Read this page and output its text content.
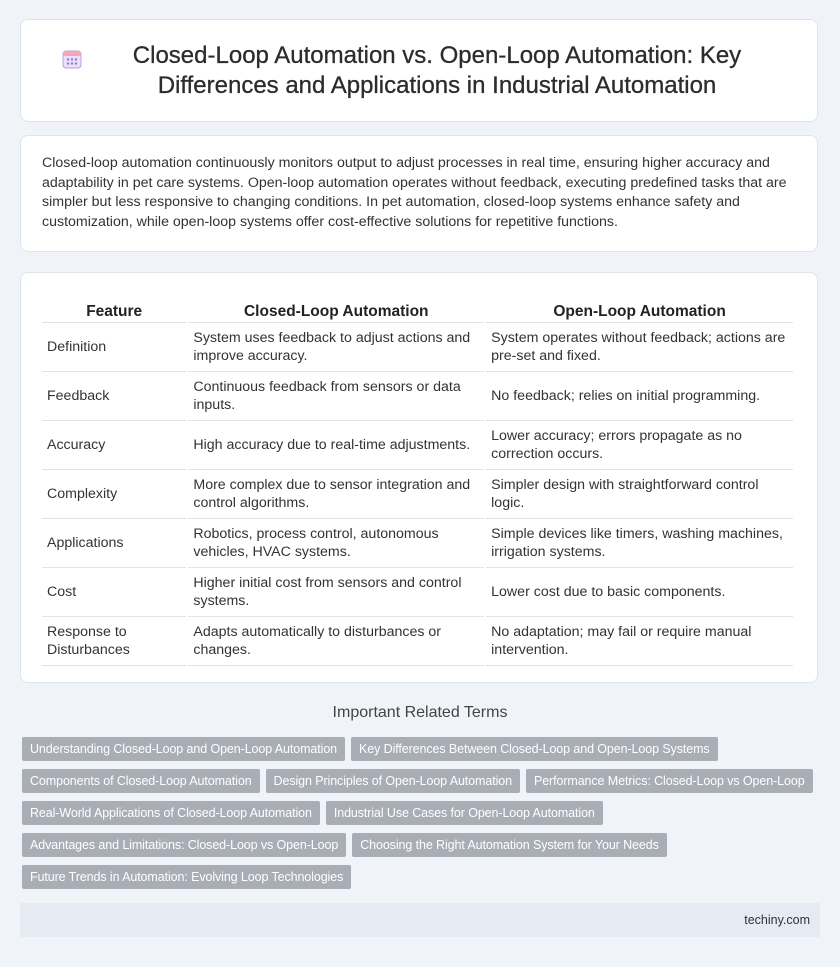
Closed-Loop Automation vs. Open-Loop Automation: Key Differences and Applications in Industrial Automation

Closed-loop automation continuously monitors output to adjust processes in real time, ensuring higher accuracy and adaptability in pet care systems. Open-loop automation operates without feedback, executing predefined tasks that are simpler but less responsive to changing conditions. In pet automation, closed-loop systems enhance safety and customization, while open-loop systems offer cost-effective solutions for repetitive functions.

Feature	Closed-Loop Automation	Open-Loop Automation
Definition	System uses feedback to adjust actions and improve accuracy.	System operates without feedback; actions are pre-set and fixed.
Feedback	Continuous feedback from sensors or data inputs.	No feedback; relies on initial programming.
Accuracy	High accuracy due to real-time adjustments.	Lower accuracy; errors propagate as no correction occurs.
Complexity	More complex due to sensor integration and control algorithms.	Simpler design with straightforward control logic.
Applications	Robotics, process control, autonomous vehicles, HVAC systems.	Simple devices like timers, washing machines, irrigation systems.
Cost	Higher initial cost from sensors and control systems.	Lower cost due to basic components.
Response to Disturbances	Adapts automatically to disturbances or changes.	No adaptation; may fail or require manual intervention.
Important Related Terms
Understanding Closed-Loop and Open-Loop Automation	Key Differences Between Closed-Loop and Open-Loop Systems
Components of Closed-Loop Automation	Design Principles of Open-Loop Automation	Performance Metrics: Closed-Loop vs Open-Loop
Real-World Applications of Closed-Loop Automation	Industrial Use Cases for Open-Loop Automation
Advantages and Limitations: Closed-Loop vs Open-Loop	Choosing the Right Automation System for Your Needs
Future Trends in Automation: Evolving Loop Technologies
techiny.com
